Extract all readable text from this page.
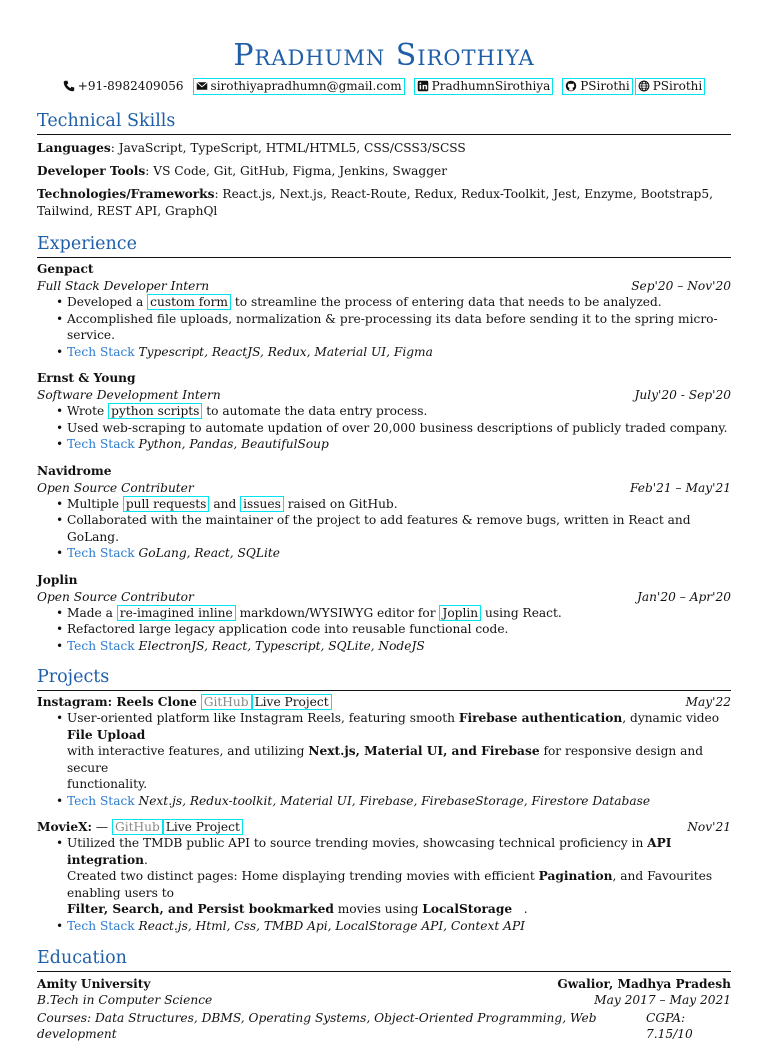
Pradhumn Sirothiya
+91-8982409056 sirothiyapradhumn@gmail.com	PradhumnSirothiya	PSirothi PSirothi
Technical Skills
Languages: JavaScript, TypeScript, HTML/HTML5, CSS/CSS3/SCSS
Developer Tools: VS Code, Git, GitHub, Figma, Jenkins, Swagger
Technologies/Frameworks: React.js, Next.js, React-Route, Redux, Redux-Toolkit, Jest, Enzyme, Bootstrap5,
Tailwind, REST API, GraphQl
Experience
Genpact
Full Stack Developer Intern	Sep'20 – Nov'20
• Developed a custom form to streamline the process of entering data that needs to be analyzed.
• Accomplished file uploads, normalization & pre-processing its data before sending it to the spring micro-service.
• Tech Stack Typescript, ReactJS, Redux, Material UI, Figma
Ernst & Young
Software Development Intern	July'20 - Sep'20
• Wrote python scripts to automate the data entry process.
• Used web-scraping to automate updation of over 20,000 business descriptions of publicly traded company.
• Tech Stack Python, Pandas, BeautifulSoup
Navidrome
Open Source Contributer	Feb'21 – May'21
• Multiple pull requests and issues raised on GitHub.
• Collaborated with the maintainer of the project to add features & remove bugs, written in React and GoLang.
• Tech Stack GoLang, React, SQLite
Joplin
Open Source Contributor	Jan'20 – Apr'20
• Made a re-imagined inline markdown/WYSIWYG editor for Joplin using React.
• Refactored large legacy application code into reusable functional code.
• Tech Stack ElectronJS, React, Typescript, SQLite, NodeJS
Projects
Instagram: Reels Clone GitHub Live Project	May'22
• User-oriented platform like Instagram Reels, featuring smooth Firebase authentication, dynamic video File Upload
with interactive features, and utilizing Next.js, Material UI, and Firebase for responsive design and secure
functionality.
• Tech Stack Next.js, Redux-toolkit, Material UI, Firebase, FirebaseStorage, Firestore Database
MovieX: — GitHub Live Project	Nov'21
• Utilized the TMDB public API to source trending movies, showcasing technical proficiency in API integration.
Created two distinct pages: Home displaying trending movies with efficient Pagination, and Favourites enabling users to
Filter, Search, and Persist bookmarked movies using LocalStorage   .
• Tech Stack React.js, Html, Css, TMBD Api, LocalStorage API, Context API
Education
Amity University	Gwalior, Madhya Pradesh
B.Tech in Computer Science	May 2017 – May 2021
Courses: Data Structures, DBMS, Operating Systems, Object-Oriented Programming, Web development
CGPA: 7.15/10
